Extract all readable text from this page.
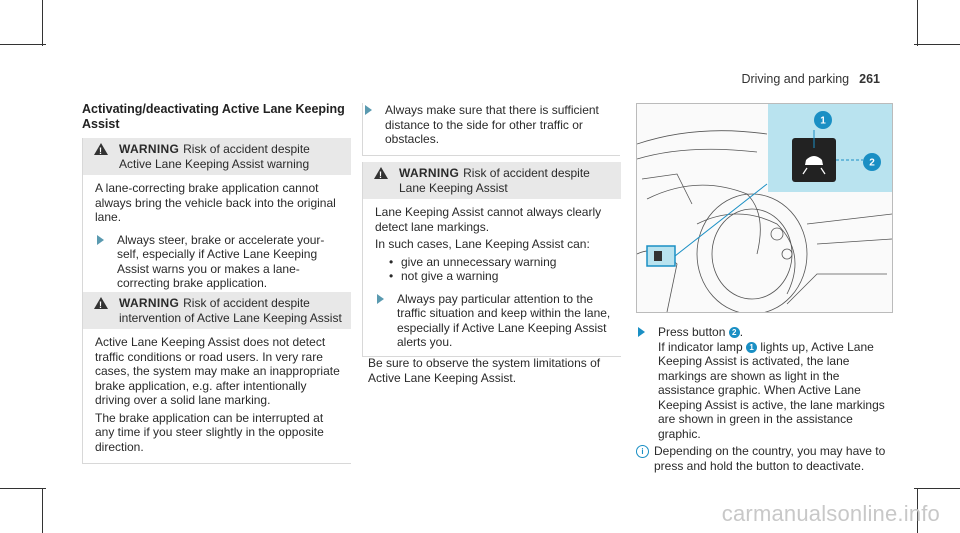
Driving and parking 261
Activating/deactivating Active Lane Keeping Assist
!
WARNING Risk of accident despite Active Lane Keeping Assist warning

A lane-correcting brake application cannot always bring the vehicle back into the original lane.

Always steer, brake or accelerate your-self, especially if Active Lane Keeping Assist warns you or makes a lane-correcting brake application.
!
WARNING Risk of accident despite intervention of Active Lane Keeping Assist

Active Lane Keeping Assist does not detect traffic conditions or road users. In very rare cases, the system may make an inappropriate brake application, e.g. after intentionally driving over a solid lane marking.

The brake application can be interrupted at any time if you steer slightly in the opposite direction.

Always make sure that there is sufficient distance to the side for other traffic or obstacles.
!
WARNING Risk of accident despite Lane Keeping Assist

Lane Keeping Assist cannot always clearly detect lane markings.

In such cases, Lane Keeping Assist can:

• give an unnecessary warning
• not give a warning
Always pay particular attention to the traffic situation and keep within the lane, especially if Active Lane Keeping Assist alerts you.
Be sure to observe the system limitations of Active Lane Keeping Assist.
1
2
Press button 2 .
If indicator lamp 1 lights up, Active Lane Keeping Assist is activated, the lane markings are shown as light in the assistance graphic. When Active Lane Keeping Assist is active, the lane markings are shown in green in the assistance graphic.
i Depending on the country, you may have to press and hold the button to deactivate.
carmanualsonline.info
